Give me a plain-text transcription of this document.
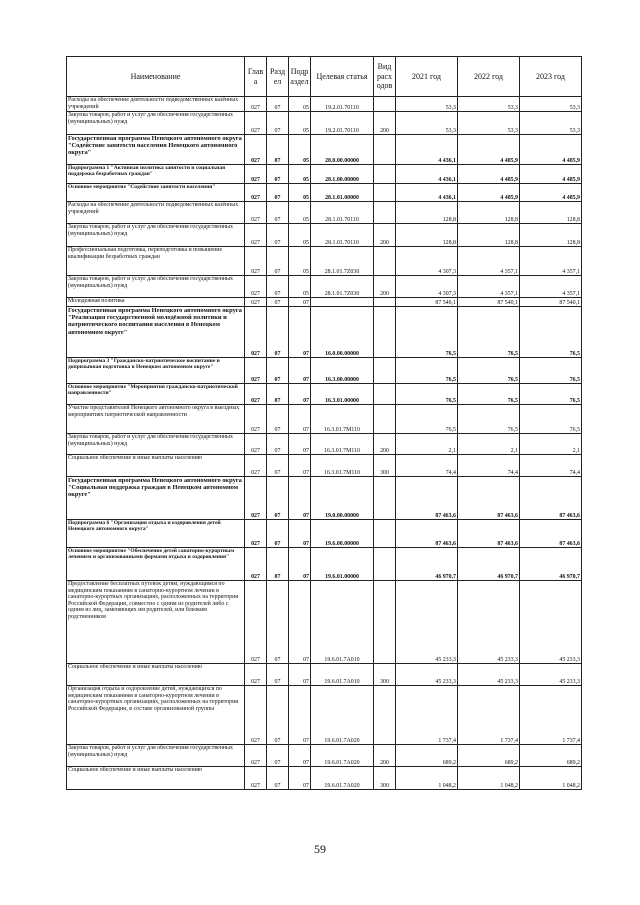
Наименование	Глав а	Разд ел	Подр аздел	Целевая статья	Вид расх одов	2021 год	2022 год	2023 год
Расходы на обеспечение деятельности подведомственных казённых учреждений	027	07	05	19.2.01.70110		53,3	53,3	53,3
Закупка товаров, работ и услуг для обеспечения государственных (муниципальных) нужд	027	07	05	19.2.01.70110	200	53,3	53,3	53,3
Государственная программа Ненецкого автономного округа "Содействие занятости населения Ненецкого автономного округа"	027	07	05	28.0.00.00000		4 436,1	4 485,9	4 485,9
Подпрограмма 1 "Активная политика занятости и социальная поддержка безработных граждан"	027	07	05	28.1.00.00000		4 436,1	4 485,9	4 485,9
Основное мероприятие "Содействие занятости населения"	027	07	05	28.1.01.00000		4 436,1	4 485,9	4 485,9
Расходы на обеспечение деятельности подведомственных казённых учреждений	027	07	05	28.1.01.70110		128,8	128,8	128,8
Закупка товаров, работ и услуг для обеспечения государственных (муниципальных) нужд	027	07	05	28.1.01.70110	200	128,8	128,8	128,8
Профессиональная подготовка, переподготовка и повышение квалификации безработных граждан	027	07	05	28.1.01.7Z030		4 307,3	4 357,1	4 357,1
Закупка товаров, работ и услуг для обеспечения государственных (муниципальных) нужд	027	07	05	28.1.01.7Z030	200	4 307,3	4 357,1	4 357,1
Молодежная политика	027	07	07			87 540,1	87 540,1	87 540,1
Государственная программа Ненецкого автономного округа "Реализация государственной молодёжной политики и патриотического воспитания населения в Ненецком автономном округе"	027	07	07	16.0.00.00000		76,5	76,5	76,5
Подпрограмма 3 "Гражданско-патриотическое воспитание и допризывная подготовка в Ненецком автономном округе"	027	07	07	16.3.00.00000		76,5	76,5	76,5
Основное мероприятие "Мероприятия гражданско-патриотической направленности"	027	07	07	16.3.01.00000		76,5	76,5	76,5
Участие представителей Ненецкого автономного округа в выездных мероприятиях патриотической направленности	027	07	07	16.3.01.7M110		76,5	76,5	76,5
Закупка товаров, работ и услуг для обеспечения государственных (муниципальных) нужд	027	07	07	16.3.01.7M110	200	2,1	2,1	2,1
Социальное обеспечение и иные выплаты населению	027	07	07	16.3.01.7M110	300	74,4	74,4	74,4
Государственная программа Ненецкого автономного округа "Социальная поддержка граждан в Ненецком автономном округе"	027	07	07	19.0.00.00000		87 463,6	87 463,6	87 463,6
Подпрограмма 6 "Организация отдыха и оздоровления детей Ненецкого автономного округа"	027	07	07	19.6.00.00000		87 463,6	87 463,6	87 463,6
Основное мероприятие "Обеспечение детей санаторно-курортным лечением и организованными формами отдыха и оздоровления"	027	07	07	19.6.01.00000		46 970,7	46 970,7	46 970,7
Предоставление бесплатных путевок детям, нуждающимся по медицинским показаниям в санаторно-курортном лечении в санаторно-курортных организациях, расположенных на территории Российской Федерации, совместно с одним из родителей либо с одним из лиц, заменяющих им родителей, или близким родственником	027	07	07	19.6.01.7A010		45 233,3	45 233,3	45 233,3
Социальное обеспечение и иные выплаты населению	027	07	07	19.6.01.7A010	300	45 233,3	45 233,3	45 233,3
Организация отдыха и оздоровление детей, нуждающихся по медицинским показаниям в санаторно-курортном лечении в санаторно-курортных организациях, расположенных на территории Российской Федерации, в составе организованной группы	027	07	07	19.6.01.7A020		1 737,4	1 737,4	1 737,4
Закупка товаров, работ и услуг для обеспечения государственных (муниципальных) нужд	027	07	07	19.6.01.7A020	200	689,2	689,2	689,2
Социальное обеспечение и иные выплаты населению	027	07	07	19.6.01.7A020	300	1 048,2	1 048,2	1 048,2
59
